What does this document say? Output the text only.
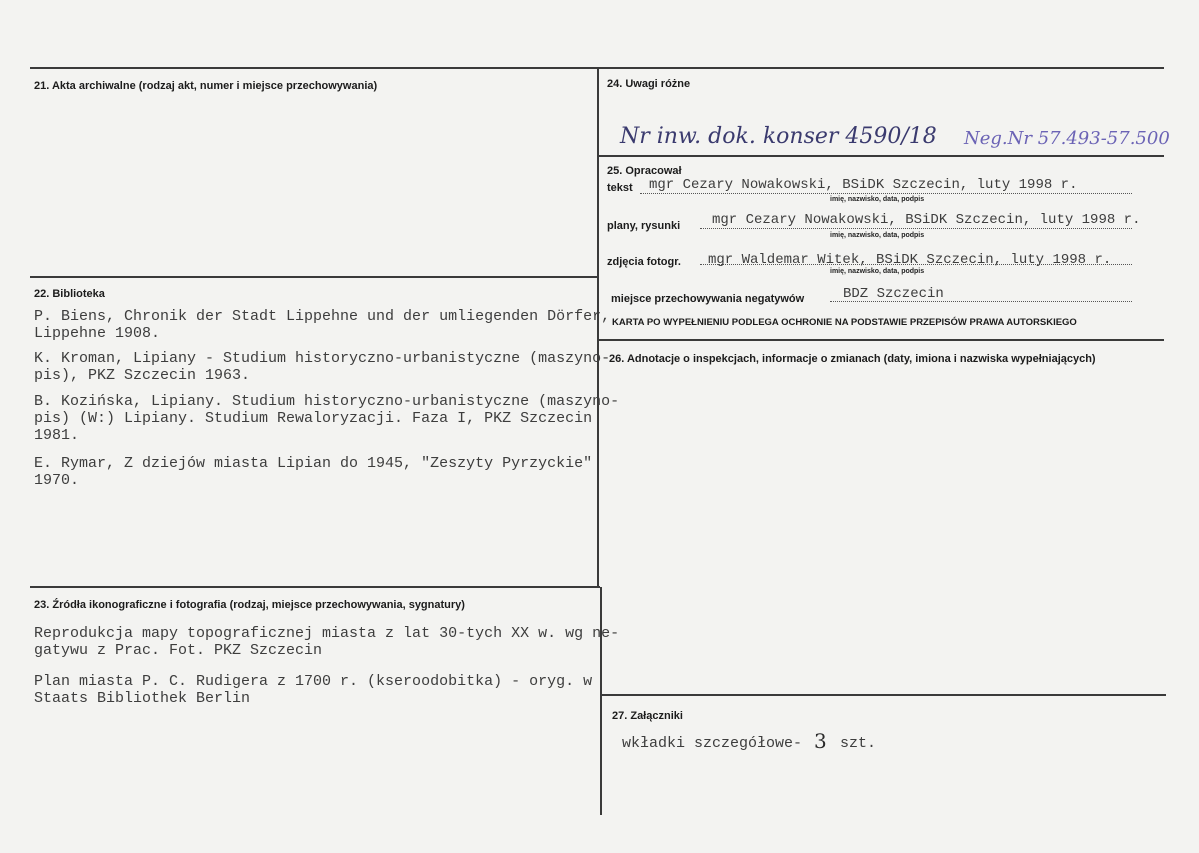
21. Akta archiwalne (rodzaj akt, numer i miejsce przechowywania)
22. Biblioteka
P. Biens, Chronik der Stadt Lippehne und der umliegenden Dörfer,
Lippehne 1908.
K. Kroman, Lipiany - Studium historyczno-urbanistyczne (maszyno-
pis), PKZ Szczecin 1963.
B. Kozińska, Lipiany. Studium historyczno-urbanistyczne (maszyno-
pis) (W:) Lipiany. Studium Rewaloryzacji. Faza I, PKZ Szczecin
1981.
E. Rymar, Z dziejów miasta Lipian do 1945, "Zeszyty Pyrzyckie"
1970.
23. Źródła ikonograficzne i fotografia (rodzaj, miejsce przechowywania, sygnatury)
Reprodukcja mapy topograficznej miasta z lat 30-tych XX w. wg ne-
gatywu z Prac. Fot. PKZ Szczecin
Plan miasta P. C. Rudigera z 1700 r. (kseroodobitka) - oryg. w
Staats Bibliothek Berlin
24. Uwagi różne
Nr inw. dok. konser 4590/18 Neg.Nr 57.493-57.500
25. Opracował
tekst mgr Cezary Nowakowski, BSiDK Szczecin, luty 1998 r.
imię, nazwisko, data, podpis
plany, rysunki mgr Cezary Nowakowski, BSiDK Szczecin, luty 1998 r.
imię, nazwisko, data, podpis
zdjęcia fotogr. mgr Waldemar Witek, BSiDK Szczecin, luty 1998 r.
imię, nazwisko, data, podpis
miejsce przechowywania negatywów	BDZ Szczecin
KARTA PO WYPEŁNIENIU PODLEGA OCHRONIE NA PODSTAWIE PRZEPISÓW PRAWA AUTORSKIEGO
26. Adnotacje o inspekcjach, informacje o zmianach (daty, imiona i nazwiska wypełniających)
27. Załączniki
wkładki szczegółowe- 3 szt.
